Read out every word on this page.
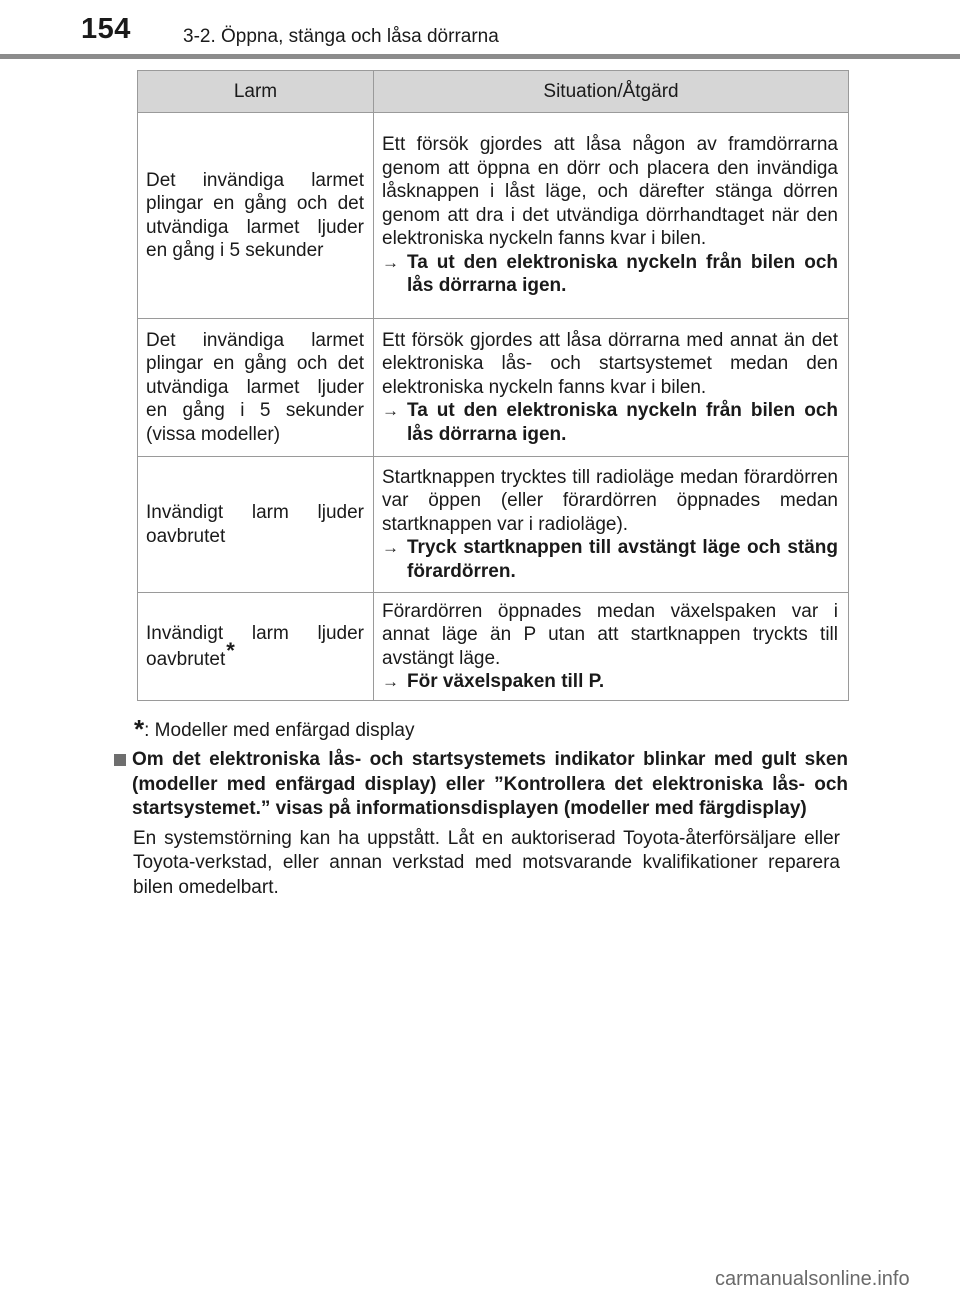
154	3-2. Öppna, stänga och låsa dörrarna
Larm	Situation/Åtgärd
Det invändiga larmet plingar en gång och det utvändiga larmet ljuder en gång i 5 sekunder	Ett försök gjordes att låsa någon av framdörrarna genom att öppna en dörr och placera den invändiga låsknappen i låst läge, och därefter stänga dörren genom att dra i det utvändiga dörrhandtaget när den elektroniska nyckeln fanns kvar i bilen.
→ Ta ut den elektroniska nyckeln från bilen och lås dörrarna igen.

Det invändiga larmet plingar en gång och det utvändiga larmet ljuder en gång i 5 sekunder (vissa modeller)	Ett försök gjordes att låsa dörrarna med annat än det elektroniska lås- och startsystemet medan den elektroniska nyckeln fanns kvar i bilen.
→ Ta ut den elektroniska nyckeln från bilen och lås dörrarna igen.

Invändigt larm ljuder oavbrutet	Startknappen trycktes till radioläge medan förardörren var öppen (eller förardörren öppnades medan startknappen var i radioläge).
→ Tryck startknappen till avstängt läge och stäng förardörren.

Invändigt larm ljuder oavbrutet*	Förardörren öppnades medan växelspaken var i annat läge än P utan att startknappen tryckts till avstängt läge.
→ För växelspaken till P.
*: Modeller med enfärgad display
Om det elektroniska lås- och startsystemets indikator blinkar med gult sken (modeller med enfärgad display) eller ”Kontrollera det elektroniska lås- och startsystemet.” visas på informationsdisplayen (modeller med färgdisplay)
En systemstörning kan ha uppstått. Låt en auktoriserad Toyota-återförsäljare eller Toyota-verkstad, eller annan verkstad med motsvarande kvalifikationer reparera bilen omedelbart.
carmanualsonline.info
